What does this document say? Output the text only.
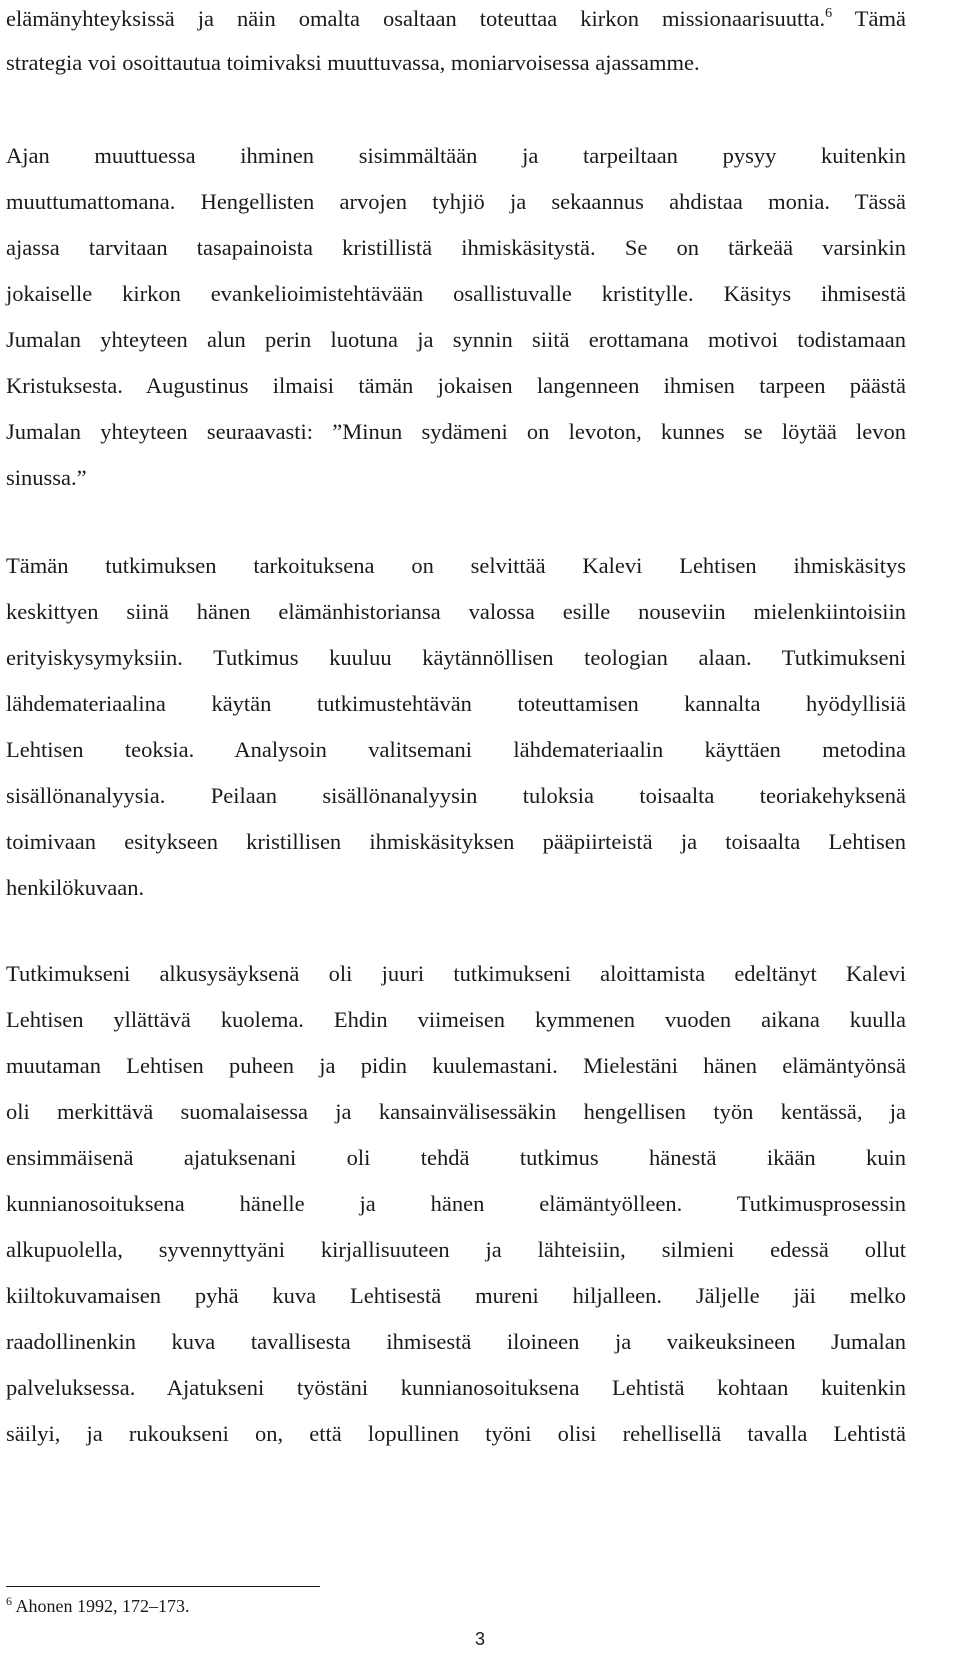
elämänyhteyksissä ja näin omalta osaltaan toteuttaa kirkon missionaarisuutta.$^6$ Tämä
strategia voi osoittautua toimivaksi muuttuvassa, moniarvoisessa ajassamme.
Ajan muuttuessa ihminen sisimmältään ja tarpeiltaan pysyy kuitenkin
muuttumattomana. Hengellisten arvojen tyhjiö ja sekaannus ahdistaa monia. Tässä
ajassa tarvitaan tasapainoista kristillistä ihmiskäsitystä. Se on tärkeää varsinkin
jokaiselle kirkon evankelioimistehtävään osallistuvalle kristitylle. Käsitys ihmisestä
Jumalan yhteyteen alun perin luotuna ja synnin siitä erottamana motivoi todistamaan
Kristuksesta. Augustinus ilmaisi tämän jokaisen langenneen ihmisen tarpeen päästä
Jumalan yhteyteen seuraavasti: ”Minun sydämeni on levoton, kunnes se löytää levon
sinussa.”
Tämän tutkimuksen tarkoituksena on selvittää Kalevi Lehtisen ihmiskäsitys
keskittyen siinä hänen elämänhistoriansa valossa esille nouseviin mielenkiintoisiin
erityiskysymyksiin. Tutkimus kuuluu käytännöllisen teologian alaan. Tutkimukseni
lähdemateriaalina käytän tutkimustehtävän toteuttamisen kannalta hyödyllisiä
Lehtisen teoksia. Analysoin valitsemani lähdemateriaalin käyttäen metodina
sisällönanalyysia. Peilaan sisällönanalyysin tuloksia toisaalta teoriakehyksenä
toimivaan esitykseen kristillisen ihmiskäsityksen pääpiirteistä ja toisaalta Lehtisen
henkilökuvaan.
Tutkimukseni alkusysäyksenä oli juuri tutkimukseni aloittamista edeltänyt Kalevi
Lehtisen yllättävä kuolema. Ehdin viimeisen kymmenen vuoden aikana kuulla
muutaman Lehtisen puheen ja pidin kuulemastani. Mielestäni hänen elämäntyönsä
oli merkittävä suomalaisessa ja kansainvälisessäkin hengellisen työn kentässä, ja
ensimmäisenä ajatuksenani oli tehdä tutkimus hänestä ikään kuin
kunnianosoituksena hänelle ja hänen elämäntyölleen. Tutkimusprosessin
alkupuolella, syvennyttyäni kirjallisuuteen ja lähteisiin, silmieni edessä ollut
kiiltokuvamaisen pyhä kuva Lehtisestä mureni hiljalleen. Jäljelle jäi melko
raadollinenkin kuva tavallisesta ihmisestä iloineen ja vaikeuksineen Jumalan
palveluksessa. Ajatukseni työstäni kunnianosoituksena Lehtistä kohtaan kuitenkin
säilyi, ja rukoukseni on, että lopullinen työni olisi rehellisellä tavalla Lehtistä
$^6$ Ahonen 1992, 172–173.
3
